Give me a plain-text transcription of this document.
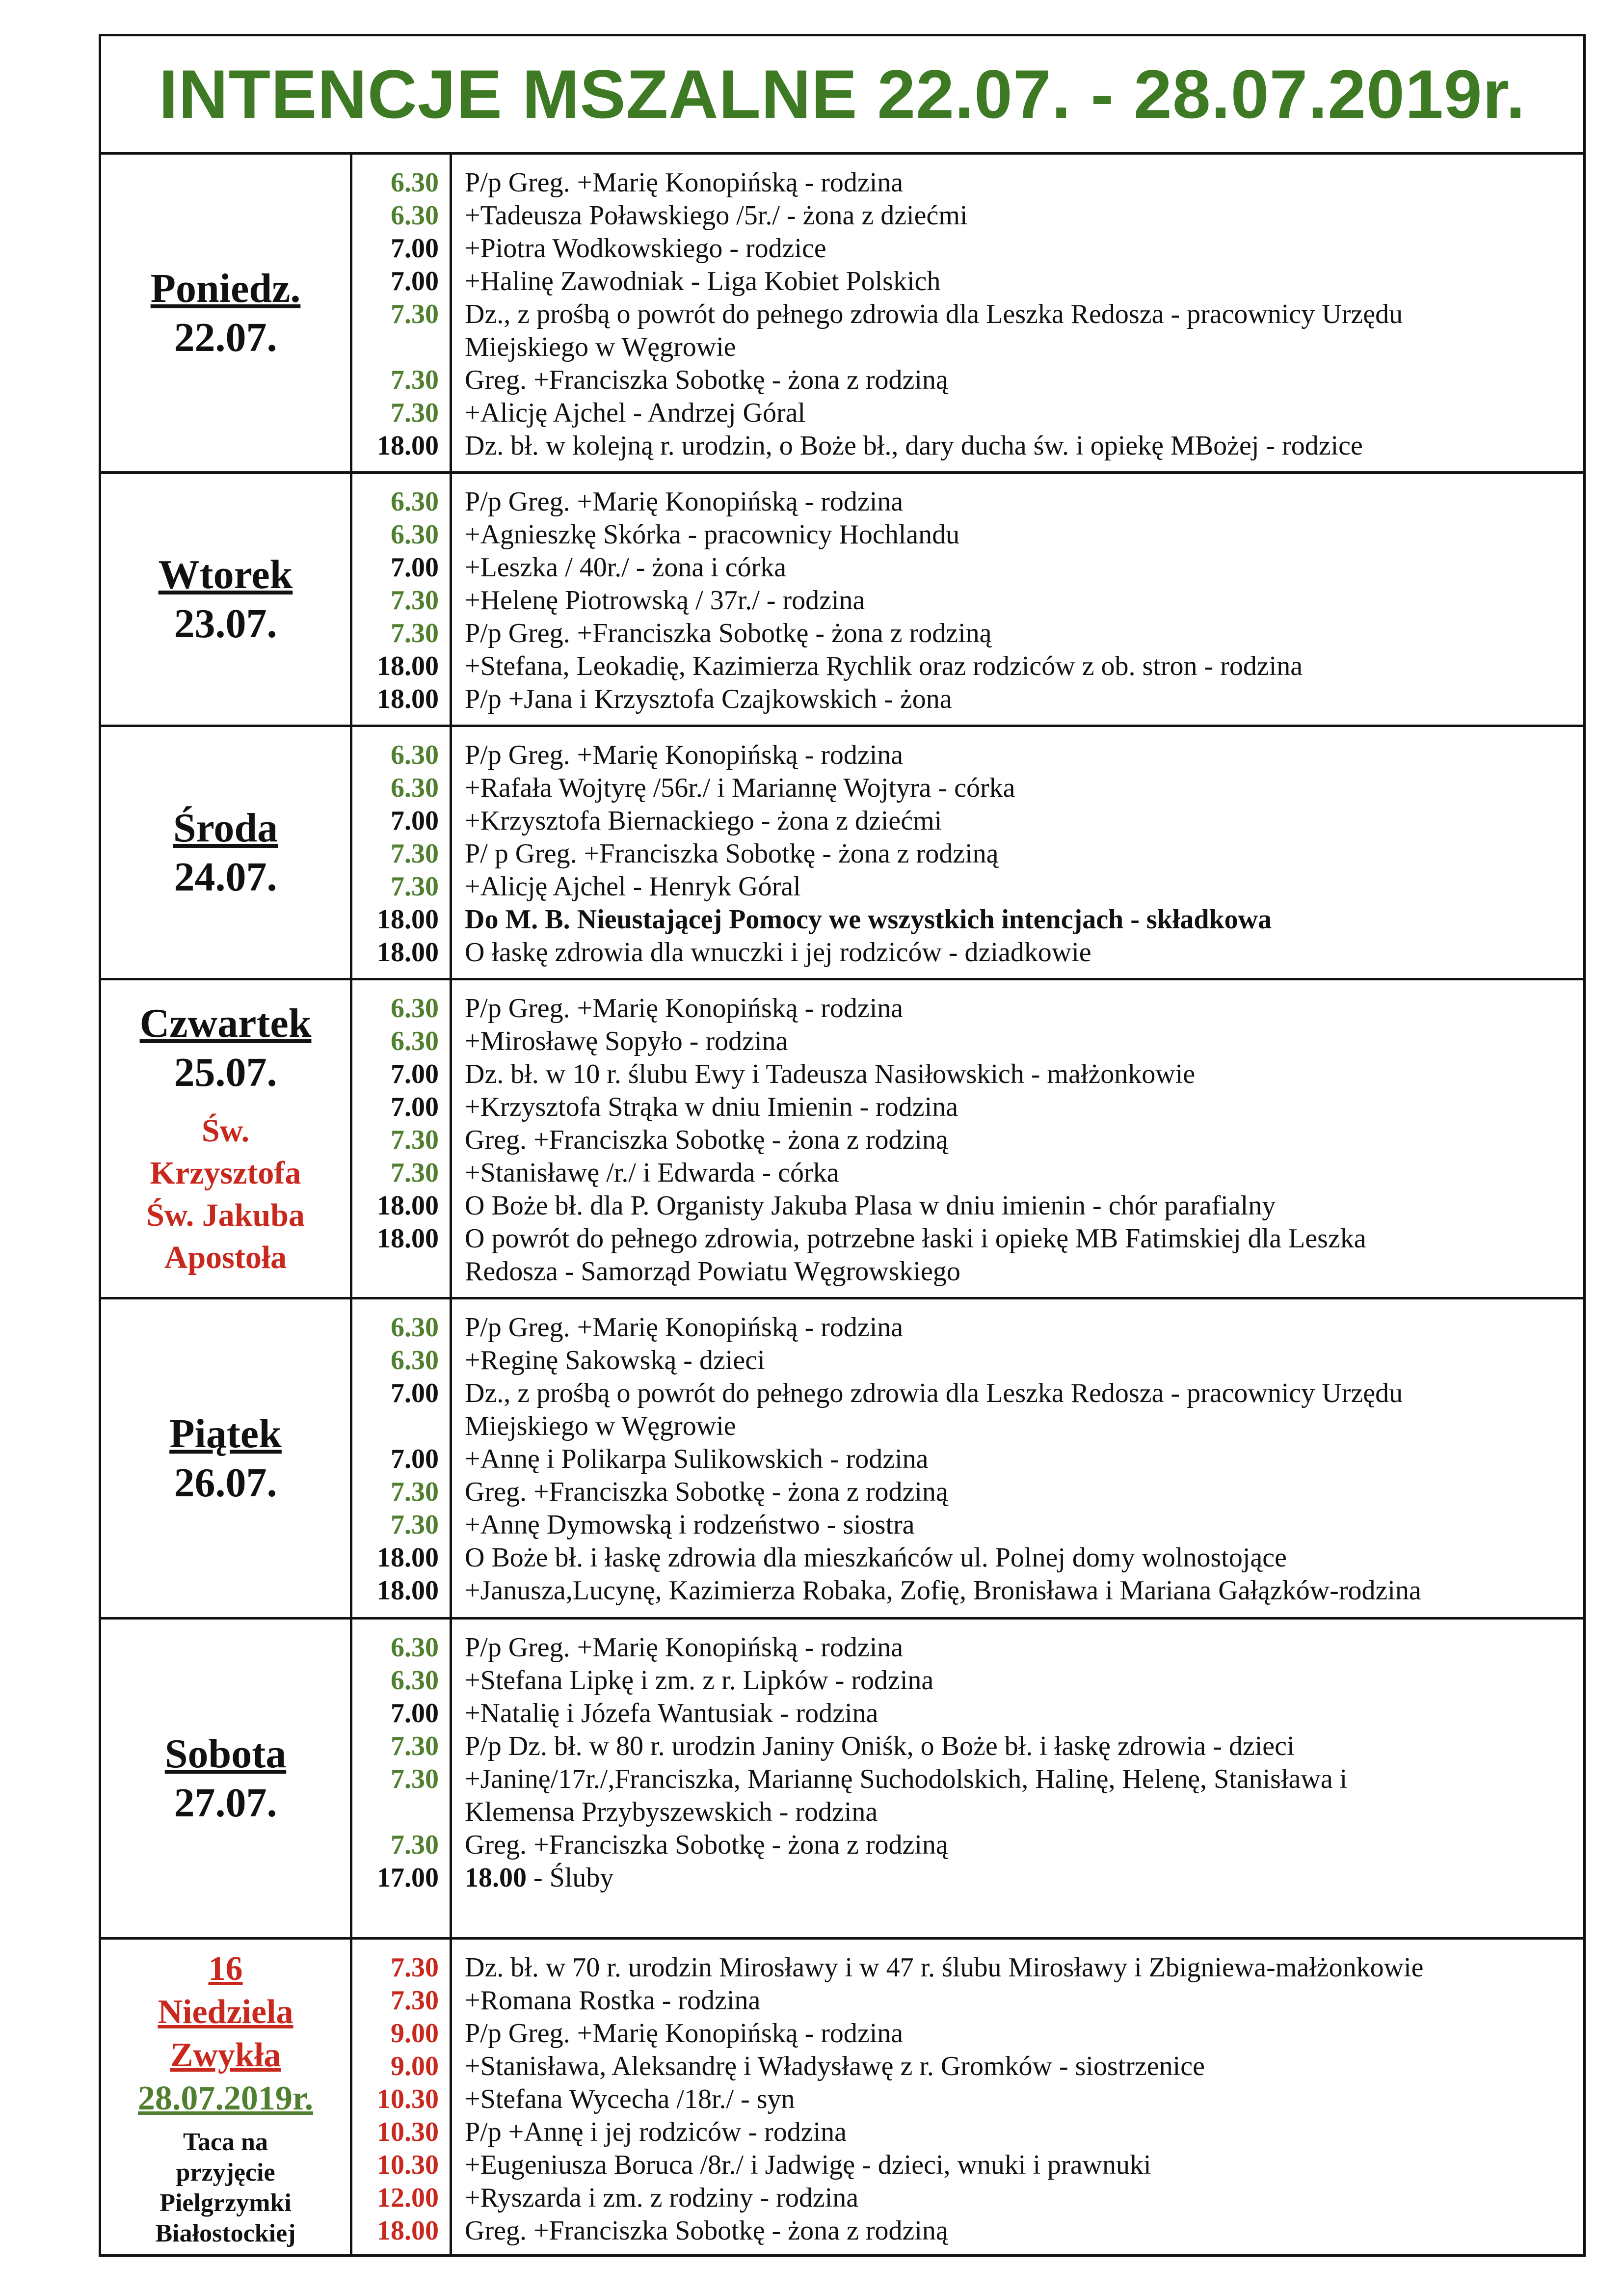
INTENCJE MSZALNE 22.07. - 28.07.2019r.
Poniedz.
22.07.
6.30
6.30
7.00
7.00
7.30
7.30
7.30
18.00
P/p Greg. +Marię Konopińską - rodzina
+Tadeusza Poławskiego /5r./ - żona z dziećmi
+Piotra Wodkowskiego - rodzice
+Halinę Zawodniak - Liga Kobiet Polskich
Dz., z prośbą o powrót do pełnego zdrowia dla Leszka Redosza - pracownicy Urzędu
Miejskiego w Węgrowie
Greg. +Franciszka Sobotkę - żona z rodziną
+Alicję Ajchel - Andrzej Góral
Dz. bł. w kolejną r. urodzin, o Boże bł., dary ducha św. i opiekę MBożej - rodzice
Wtorek
23.07.
6.30
6.30
7.00
7.30
7.30
18.00
18.00
P/p Greg. +Marię Konopińską - rodzina
+Agnieszkę Skórka - pracownicy Hochlandu
+Leszka / 40r./ - żona i córka
+Helenę Piotrowską / 37r./ - rodzina
P/p Greg. +Franciszka Sobotkę - żona z rodziną
+Stefana, Leokadię, Kazimierza Rychlik oraz rodziców z ob. stron - rodzina
P/p +Jana i Krzysztofa Czajkowskich - żona
Środa
24.07.
6.30
6.30
7.00
7.30
7.30
18.00
18.00
P/p Greg. +Marię Konopińską - rodzina
+Rafała Wojtyrę /56r./ i Mariannę Wojtyra - córka
+Krzysztofa Biernackiego - żona z dziećmi
P/ p Greg. +Franciszka Sobotkę - żona z rodziną
+Alicję Ajchel - Henryk Góral
Do M. B. Nieustającej Pomocy we wszystkich intencjach - składkowa
O łaskę zdrowia dla wnuczki i jej rodziców - dziadkowie
Czwartek
25.07.
Św.
Krzysztofa
Św. Jakuba
Apostoła
6.30
6.30
7.00
7.00
7.30
7.30
18.00
18.00
P/p Greg. +Marię Konopińską - rodzina
+Mirosławę Sopyło - rodzina
Dz. bł. w 10 r. ślubu Ewy i Tadeusza Nasiłowskich - małżonkowie
+Krzysztofa Strąka w dniu Imienin - rodzina
Greg. +Franciszka Sobotkę - żona z rodziną
+Stanisławę /r./ i Edwarda - córka
O Boże bł. dla P. Organisty Jakuba Plasa w dniu imienin - chór parafialny
O powrót do pełnego zdrowia, potrzebne łaski i opiekę MB Fatimskiej dla Leszka
Redosza - Samorząd Powiatu Węgrowskiego
Piątek
26.07.
6.30
6.30
7.00
7.00
7.30
7.30
18.00
18.00
P/p Greg. +Marię Konopińską - rodzina
+Reginę Sakowską - dzieci
Dz., z prośbą o powrót do pełnego zdrowia dla Leszka Redosza - pracownicy Urzędu
Miejskiego w Węgrowie
+Annę i Polikarpa Sulikowskich - rodzina
Greg. +Franciszka Sobotkę - żona z rodziną
+Annę Dymowską i rodzeństwo - siostra
O Boże bł. i łaskę zdrowia dla mieszkańców ul. Polnej domy wolnostojące
+Janusza,Lucynę, Kazimierza Robaka, Zofię, Bronisława i Mariana Gałązków-rodzina
Sobota
27.07.
6.30
6.30
7.00
7.30
7.30
7.30
17.00
P/p Greg. +Marię Konopińską - rodzina
+Stefana Lipkę i zm. z r. Lipków - rodzina
+Natalię i Józefa Wantusiak - rodzina
P/p Dz. bł. w 80 r. urodzin Janiny Oniśk, o Boże bł. i łaskę zdrowia - dzieci
+Janinę/17r./,Franciszka, Mariannę Suchodolskich, Halinę, Helenę, Stanisława i
Klemensa Przybyszewskich - rodzina
Greg. +Franciszka Sobotkę - żona z rodziną
18.00 - Śluby
16
Niedziela
Zwykła
28.07.2019r.
Taca na
przyjęcie
Pielgrzymki
Białostockiej
7.30
7.30
9.00
9.00
10.30
10.30
10.30
12.00
18.00
Dz. bł. w 70 r. urodzin Mirosławy i w 47 r. ślubu Mirosławy i Zbigniewa-małżonkowie
+Romana Rostka - rodzina
P/p Greg. +Marię Konopińską - rodzina
+Stanisława, Aleksandrę i Władysławę z r. Gromków - siostrzenice
+Stefana Wycecha /18r./ - syn
P/p +Annę i jej rodziców - rodzina
+Eugeniusza Boruca /8r./ i Jadwigę - dzieci, wnuki i prawnuki
+Ryszarda i zm. z rodziny - rodzina
Greg. +Franciszka Sobotkę - żona z rodziną
